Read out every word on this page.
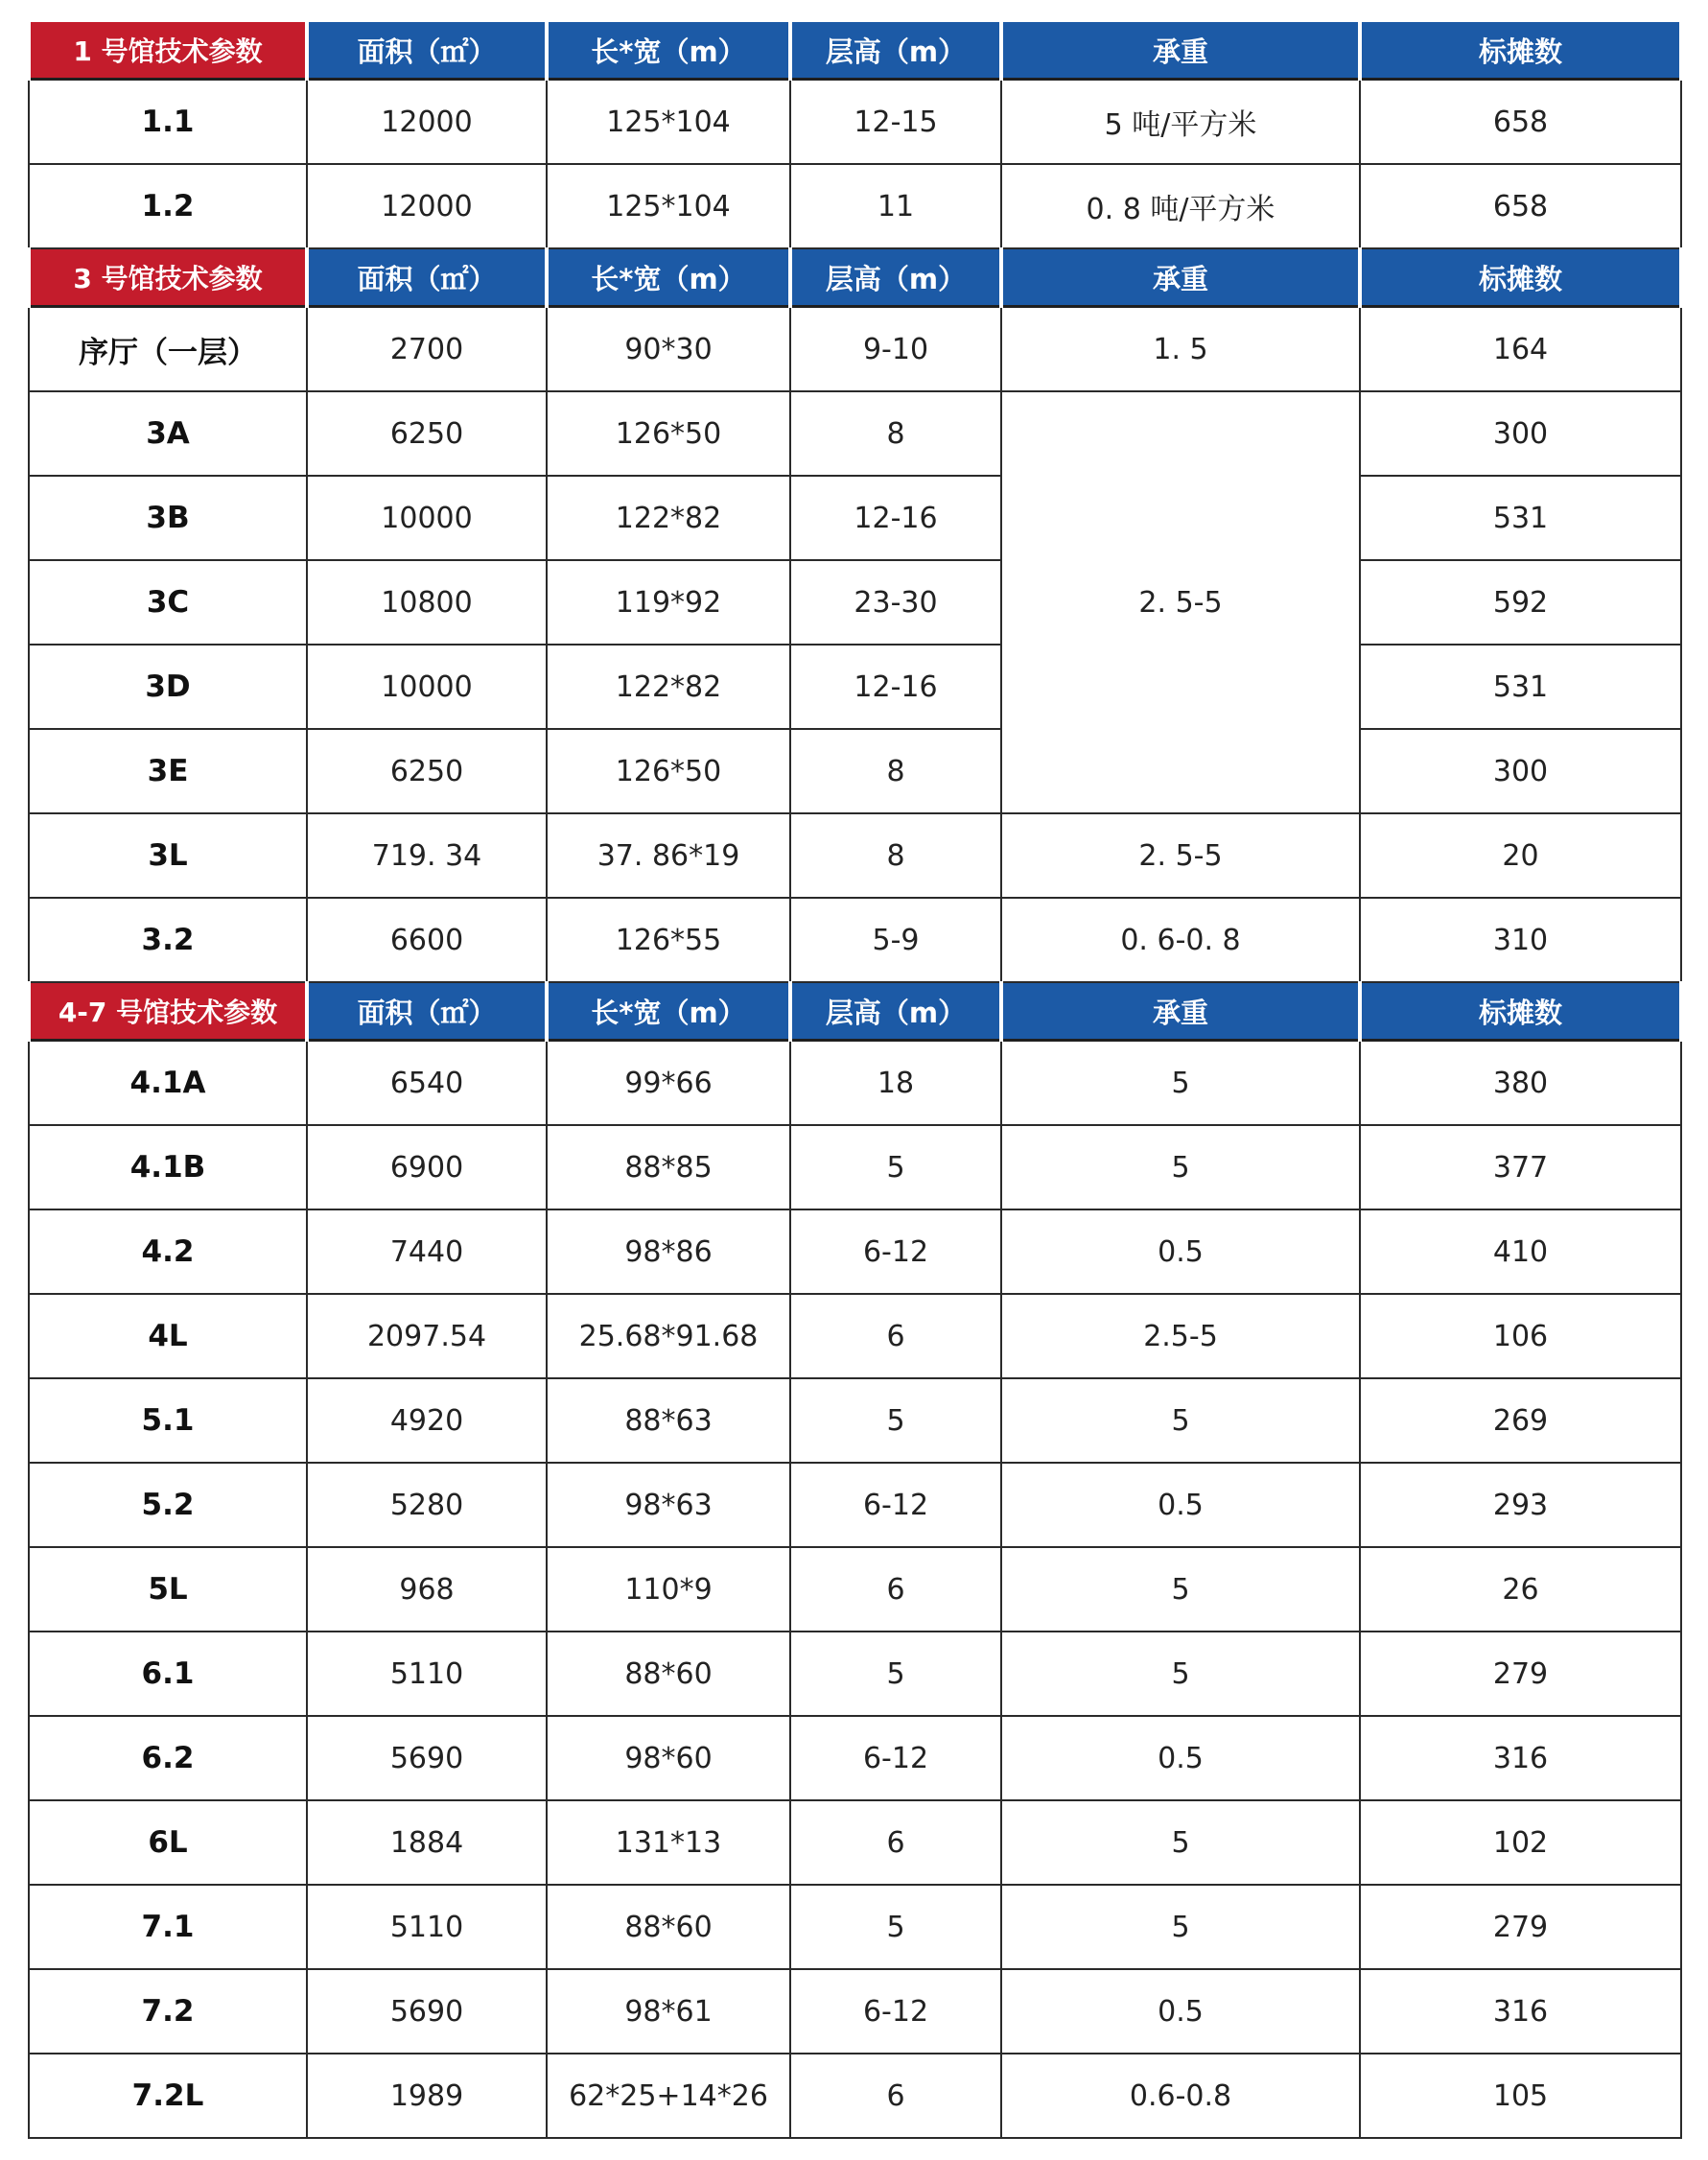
1 号馆技术参数	面积（㎡）	长*宽（m）	层高（m）	承重	标摊数
1.1	12000	125*104	12-15	5 吨/平方米	658
1.2	12000	125*104	11	0. 8 吨/平方米	658
3 号馆技术参数	面积（㎡）	长*宽（m）	层高（m）	承重	标摊数
序厅（一层）	2700	90*30	9-10	1. 5	164
3A	6250	126*50	8	2. 5-5	300
3B	10000	122*82	12-16		531
3C	10800	119*92	23-30		592
3D	10000	122*82	12-16		531
3E	6250	126*50	8		300
3L	719. 34	37. 86*19	8	2. 5-5	20
3.2	6600	126*55	5-9	0. 6-0. 8	310
4-7 号馆技术参数	面积（㎡）	长*宽（m）	层高（m）	承重	标摊数
4.1A	6540	99*66	18	5	380
4.1B	6900	88*85	5	5	377
4.2	7440	98*86	6-12	0.5	410
4L	2097.54	25.68*91.68	6	2.5-5	106
5.1	4920	88*63	5	5	269
5.2	5280	98*63	6-12	0.5	293
5L	968	110*9	6	5	26
6.1	5110	88*60	5	5	279
6.2	5690	98*60	6-12	0.5	316
6L	1884	131*13	6	5	102
7.1	5110	88*60	5	5	279
7.2	5690	98*61	6-12	0.5	316
7.2L	1989	62*25+14*26	6	0.6-0.8	105
